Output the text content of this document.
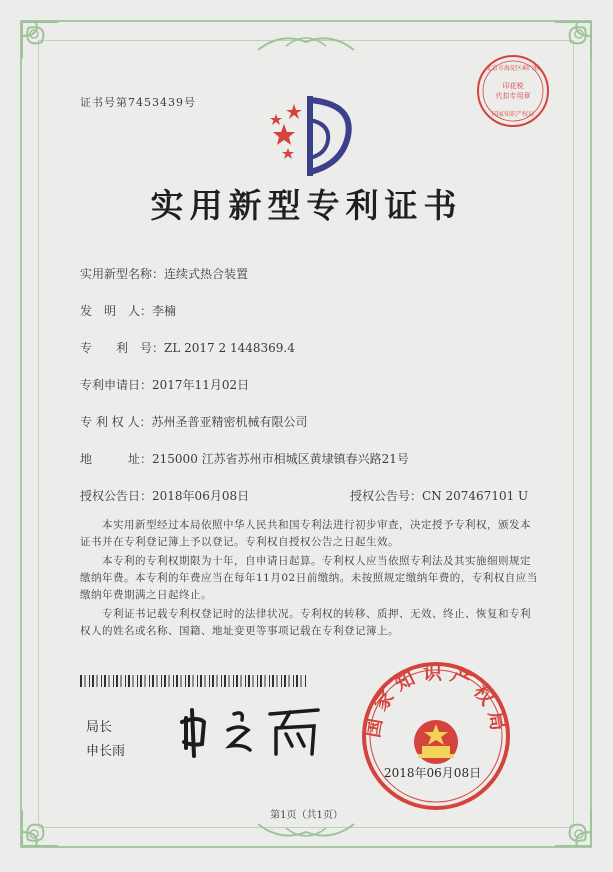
证书号第7453439号
北京市海淀区蓟门桥
印花税
代扣专用章
国家知识产权局
实用新型专利证书
实用新型名称：连续式热合装置
发　明　人：李楠
专　　利　号：ZL 2017 2 1448369.4
专利申请日：2017年11月02日
专 利 权 人：苏州圣普亚精密机械有限公司
地　　　址：215000 江苏省苏州市相城区黄埭镇春兴路21号
授权公告日：2018年06月08日	授权公告号：CN 207467101 U
本实用新型经过本局依照中华人民共和国专利法进行初步审查，决定授予专利权，颁发本证书并在专利登记簿上予以登记。专利权自授权公告之日起生效。
本专利的专利权期限为十年，自申请日起算。专利权人应当依照专利法及其实施细则规定缴纳年费。本专利的年费应当在每年11月02日前缴纳。未按照规定缴纳年费的，专利权自应当缴纳年费期满之日起终止。
专利证书记载专利权登记时的法律状况。专利权的转移、质押、无效、终止、恢复和专利权人的姓名或名称、国籍、地址变更等事项记载在专利登记簿上。
局长
申长雨
国家知识产权局
2018年06月08日
第1页（共1页）
